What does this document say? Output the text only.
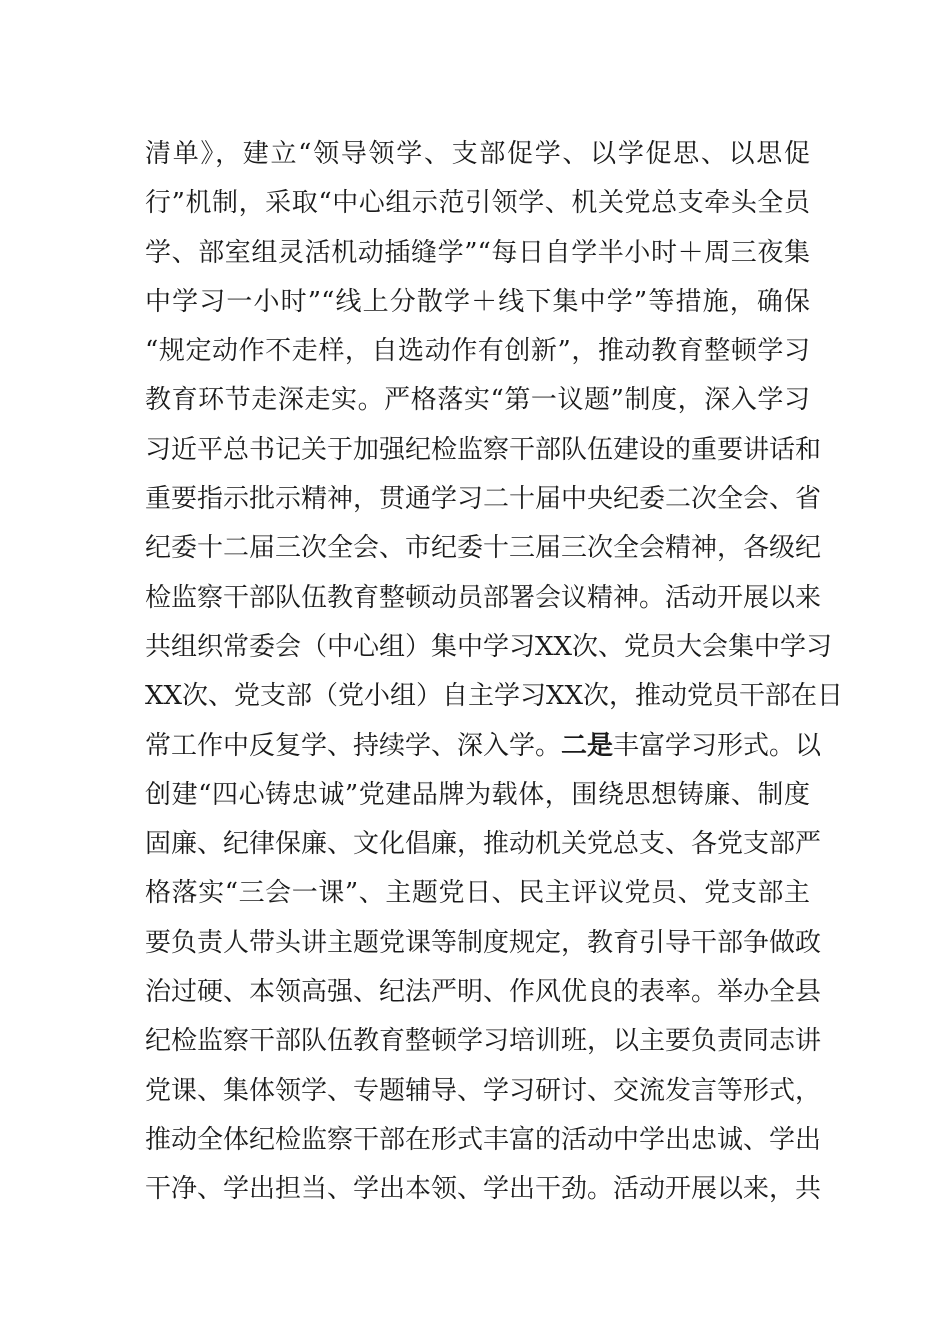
清单》，建立“领导领学、支部促学、以学促思、以思促
行”机制，采取“中心组示范引领学、机关党总支牵头全员
学、部室组灵活机动插缝学”“每日自学半小时＋周三夜集
中学习一小时”“线上分散学＋线下集中学”等措施，确保
“规定动作不走样，自选动作有创新”，推动教育整顿学习
教育环节走深走实。严格落实“第一议题”制度，深入学习
习近平总书记关于加强纪检监察干部队伍建设的重要讲话和
重要指示批示精神，贯通学习二十届中央纪委二次全会、省
纪委十二届三次全会、市纪委十三届三次全会精神，各级纪
检监察干部队伍教育整顿动员部署会议精神。活动开展以来
共组织常委会（中心组）集中学习XX次、党员大会集中学习
XX次、党支部（党小组）自主学习XX次，推动党员干部在日
常工作中反复学、持续学、深入学。二是丰富学习形式。以
创建“四心铸忠诚”党建品牌为载体，围绕思想铸廉、制度
固廉、纪律保廉、文化倡廉，推动机关党总支、各党支部严
格落实“三会一课”、主题党日、民主评议党员、党支部主
要负责人带头讲主题党课等制度规定，教育引导干部争做政
治过硬、本领高强、纪法严明、作风优良的表率。举办全县
纪检监察干部队伍教育整顿学习培训班，以主要负责同志讲
党课、集体领学、专题辅导、学习研讨、交流发言等形式，
推动全体纪检监察干部在形式丰富的活动中学出忠诚、学出
干净、学出担当、学出本领、学出干劲。活动开展以来，共
